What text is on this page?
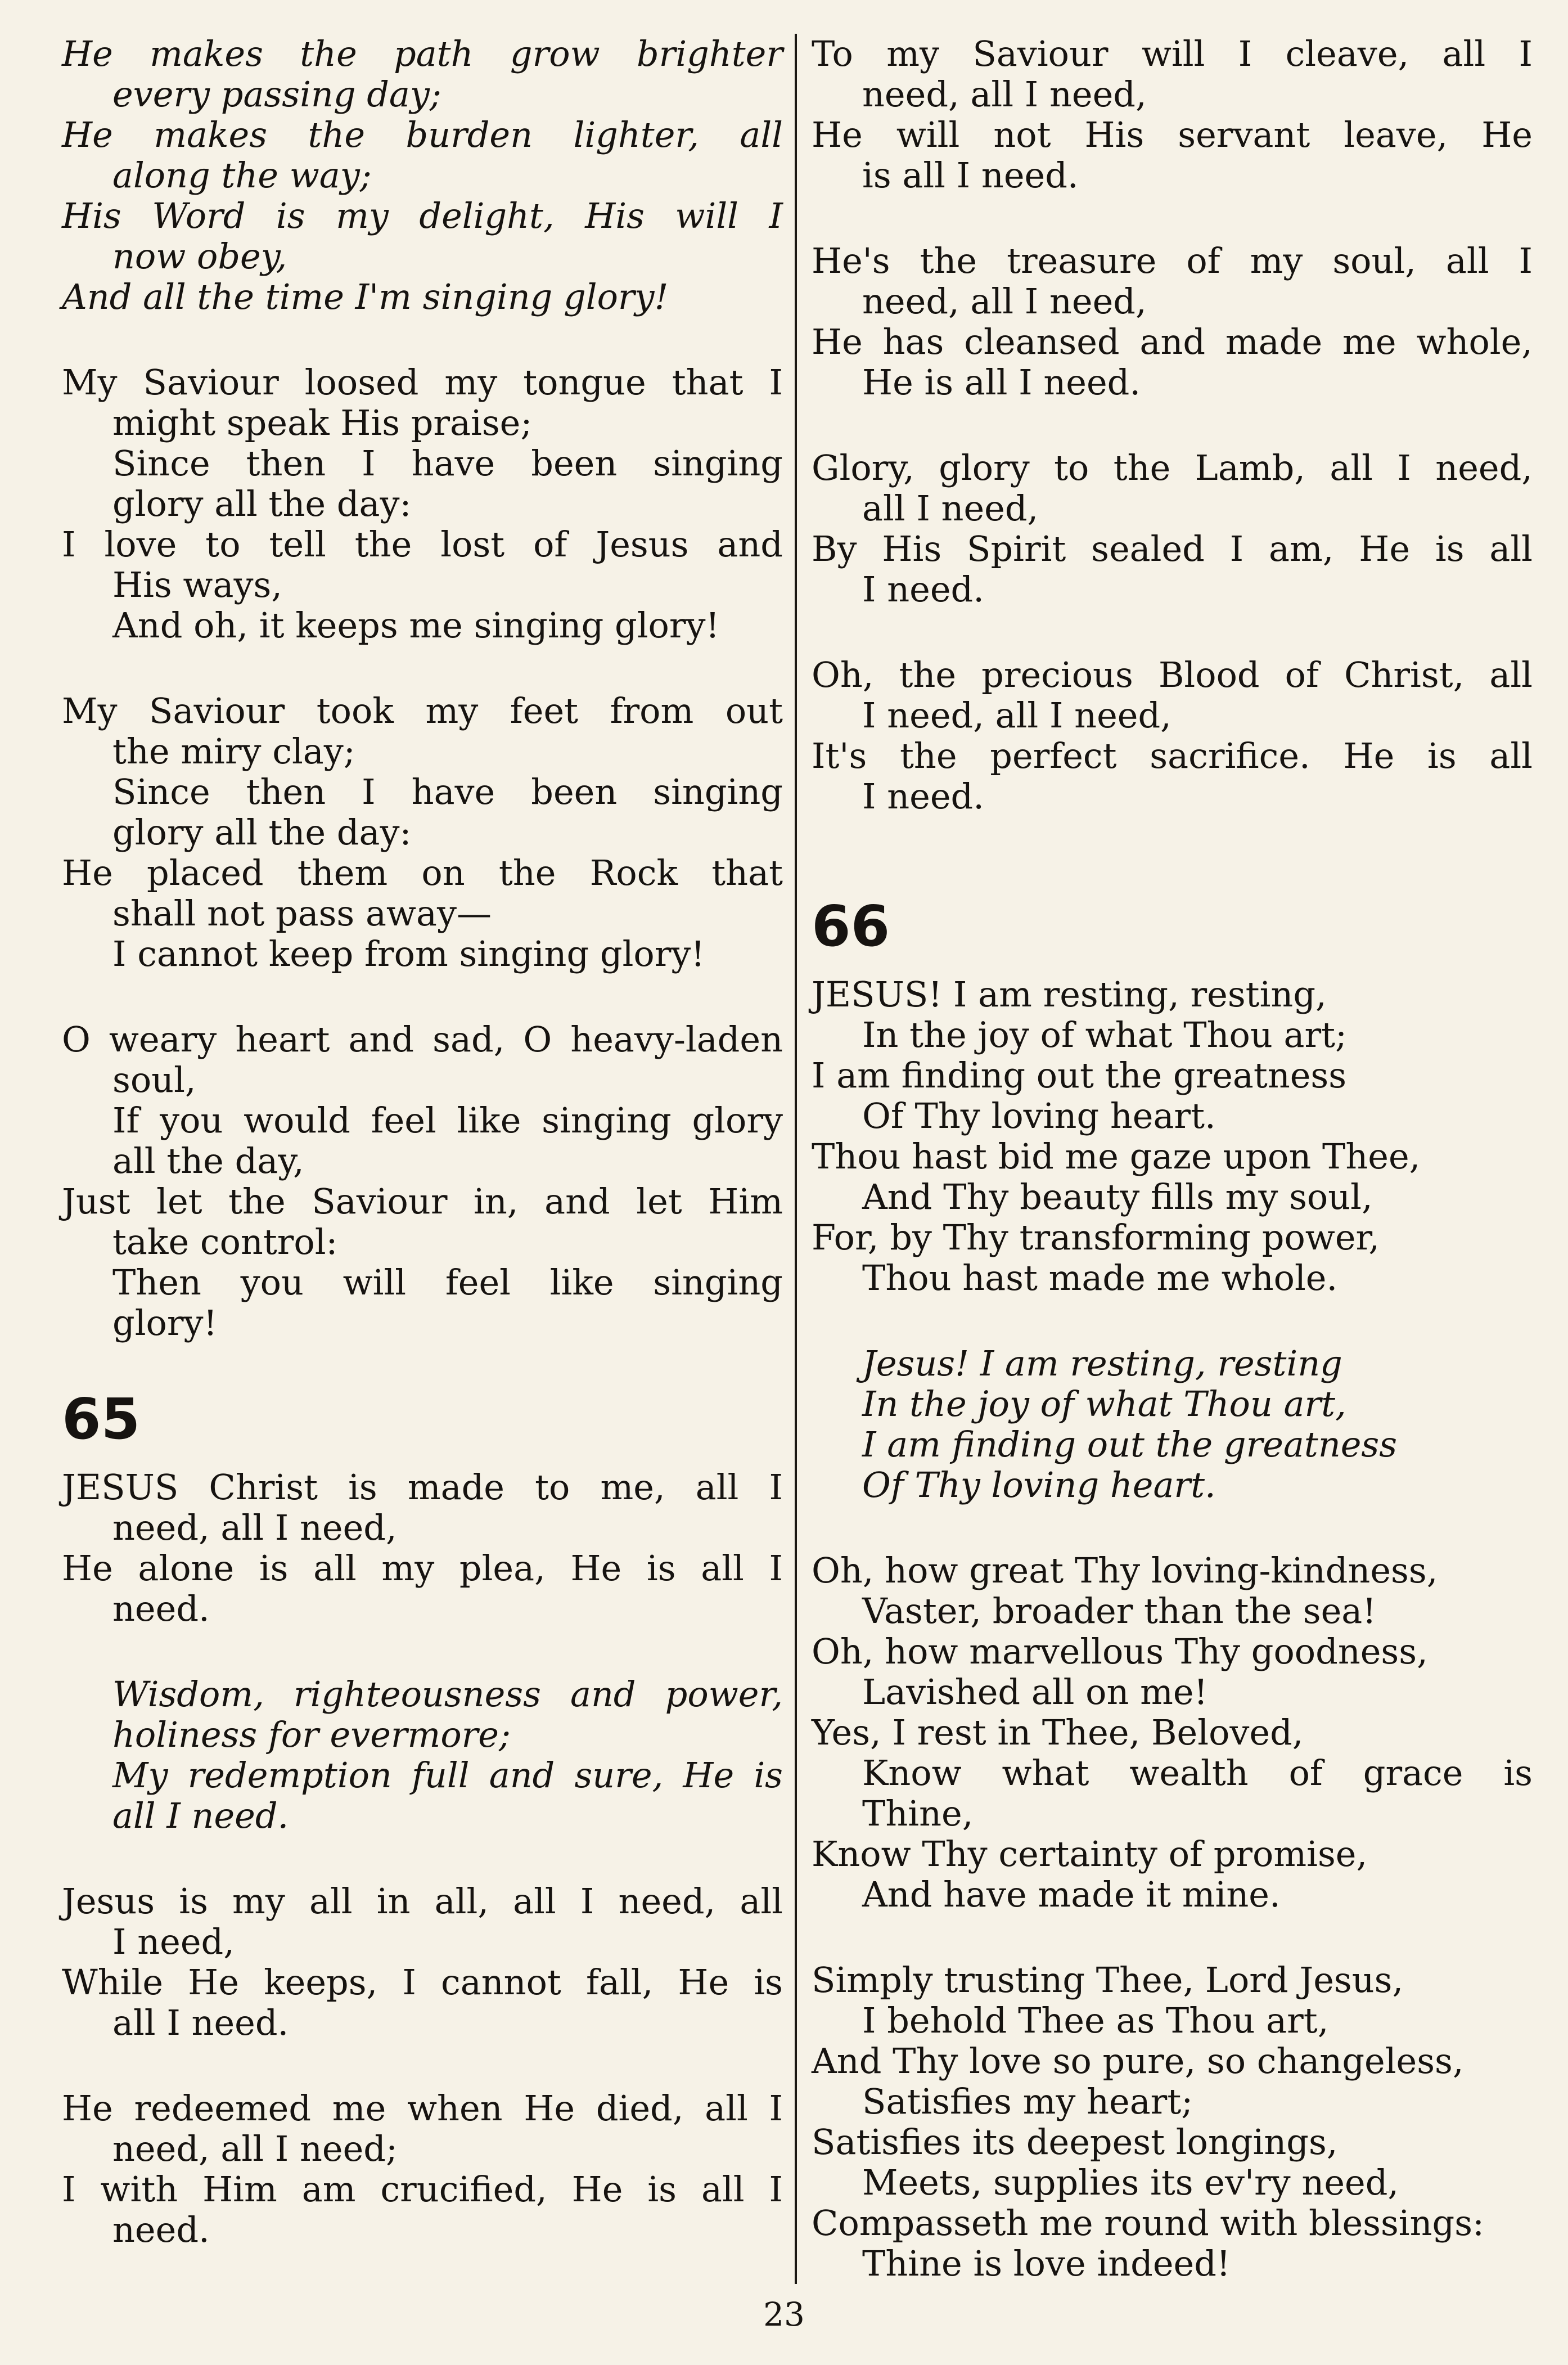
He makes the path grow brighter
every passing day;
He makes the burden lighter, all
along the way;
His Word is my delight, His will I
now obey,
And all the time I'm singing glory!
My Saviour loosed my tongue that I
might speak His praise;
Since then I have been singing
glory all the day:
I love to tell the lost of Jesus and
His ways,
And oh, it keeps me singing glory!
My Saviour took my feet from out
the miry clay;
Since then I have been singing
glory all the day:
He placed them on the Rock that
shall not pass away—
I cannot keep from singing glory!
O weary heart and sad, O heavy-laden
soul,
If you would feel like singing glory
all the day,
Just let the Saviour in, and let Him
take control:
Then you will feel like singing
glory!
65
JESUS Christ is made to me, all I
need, all I need,
He alone is all my plea, He is all I
need.
Wisdom, righteousness and power,
holiness for evermore;
My redemption full and sure, He is
all I need.
Jesus is my all in all, all I need, all
I need,
While He keeps, I cannot fall, He is
all I need.
He redeemed me when He died, all I
need, all I need;
I with Him am crucified, He is all I
need.
To my Saviour will I cleave, all I
need, all I need,
He will not His servant leave, He
is all I need.
He's the treasure of my soul, all I
need, all I need,
He has cleansed and made me whole,
He is all I need.
Glory, glory to the Lamb, all I need,
all I need,
By His Spirit sealed I am, He is all
I need.
Oh, the precious Blood of Christ, all
I need, all I need,
It's the perfect sacrifice. He is all
I need.
66
JESUS! I am resting, resting,
In the joy of what Thou art;
I am finding out the greatness
Of Thy loving heart.
Thou hast bid me gaze upon Thee,
And Thy beauty fills my soul,
For, by Thy transforming power,
Thou hast made me whole.
Jesus! I am resting, resting
In the joy of what Thou art,
I am finding out the greatness
Of Thy loving heart.
Oh, how great Thy loving-kindness,
Vaster, broader than the sea!
Oh, how marvellous Thy goodness,
Lavished all on me!
Yes, I rest in Thee, Beloved,
Know what wealth of grace is
Thine,
Know Thy certainty of promise,
And have made it mine.
Simply trusting Thee, Lord Jesus,
I behold Thee as Thou art,
And Thy love so pure, so changeless,
Satisfies my heart;
Satisfies its deepest longings,
Meets, supplies its ev'ry need,
Compasseth me round with blessings:
Thine is love indeed!
23
